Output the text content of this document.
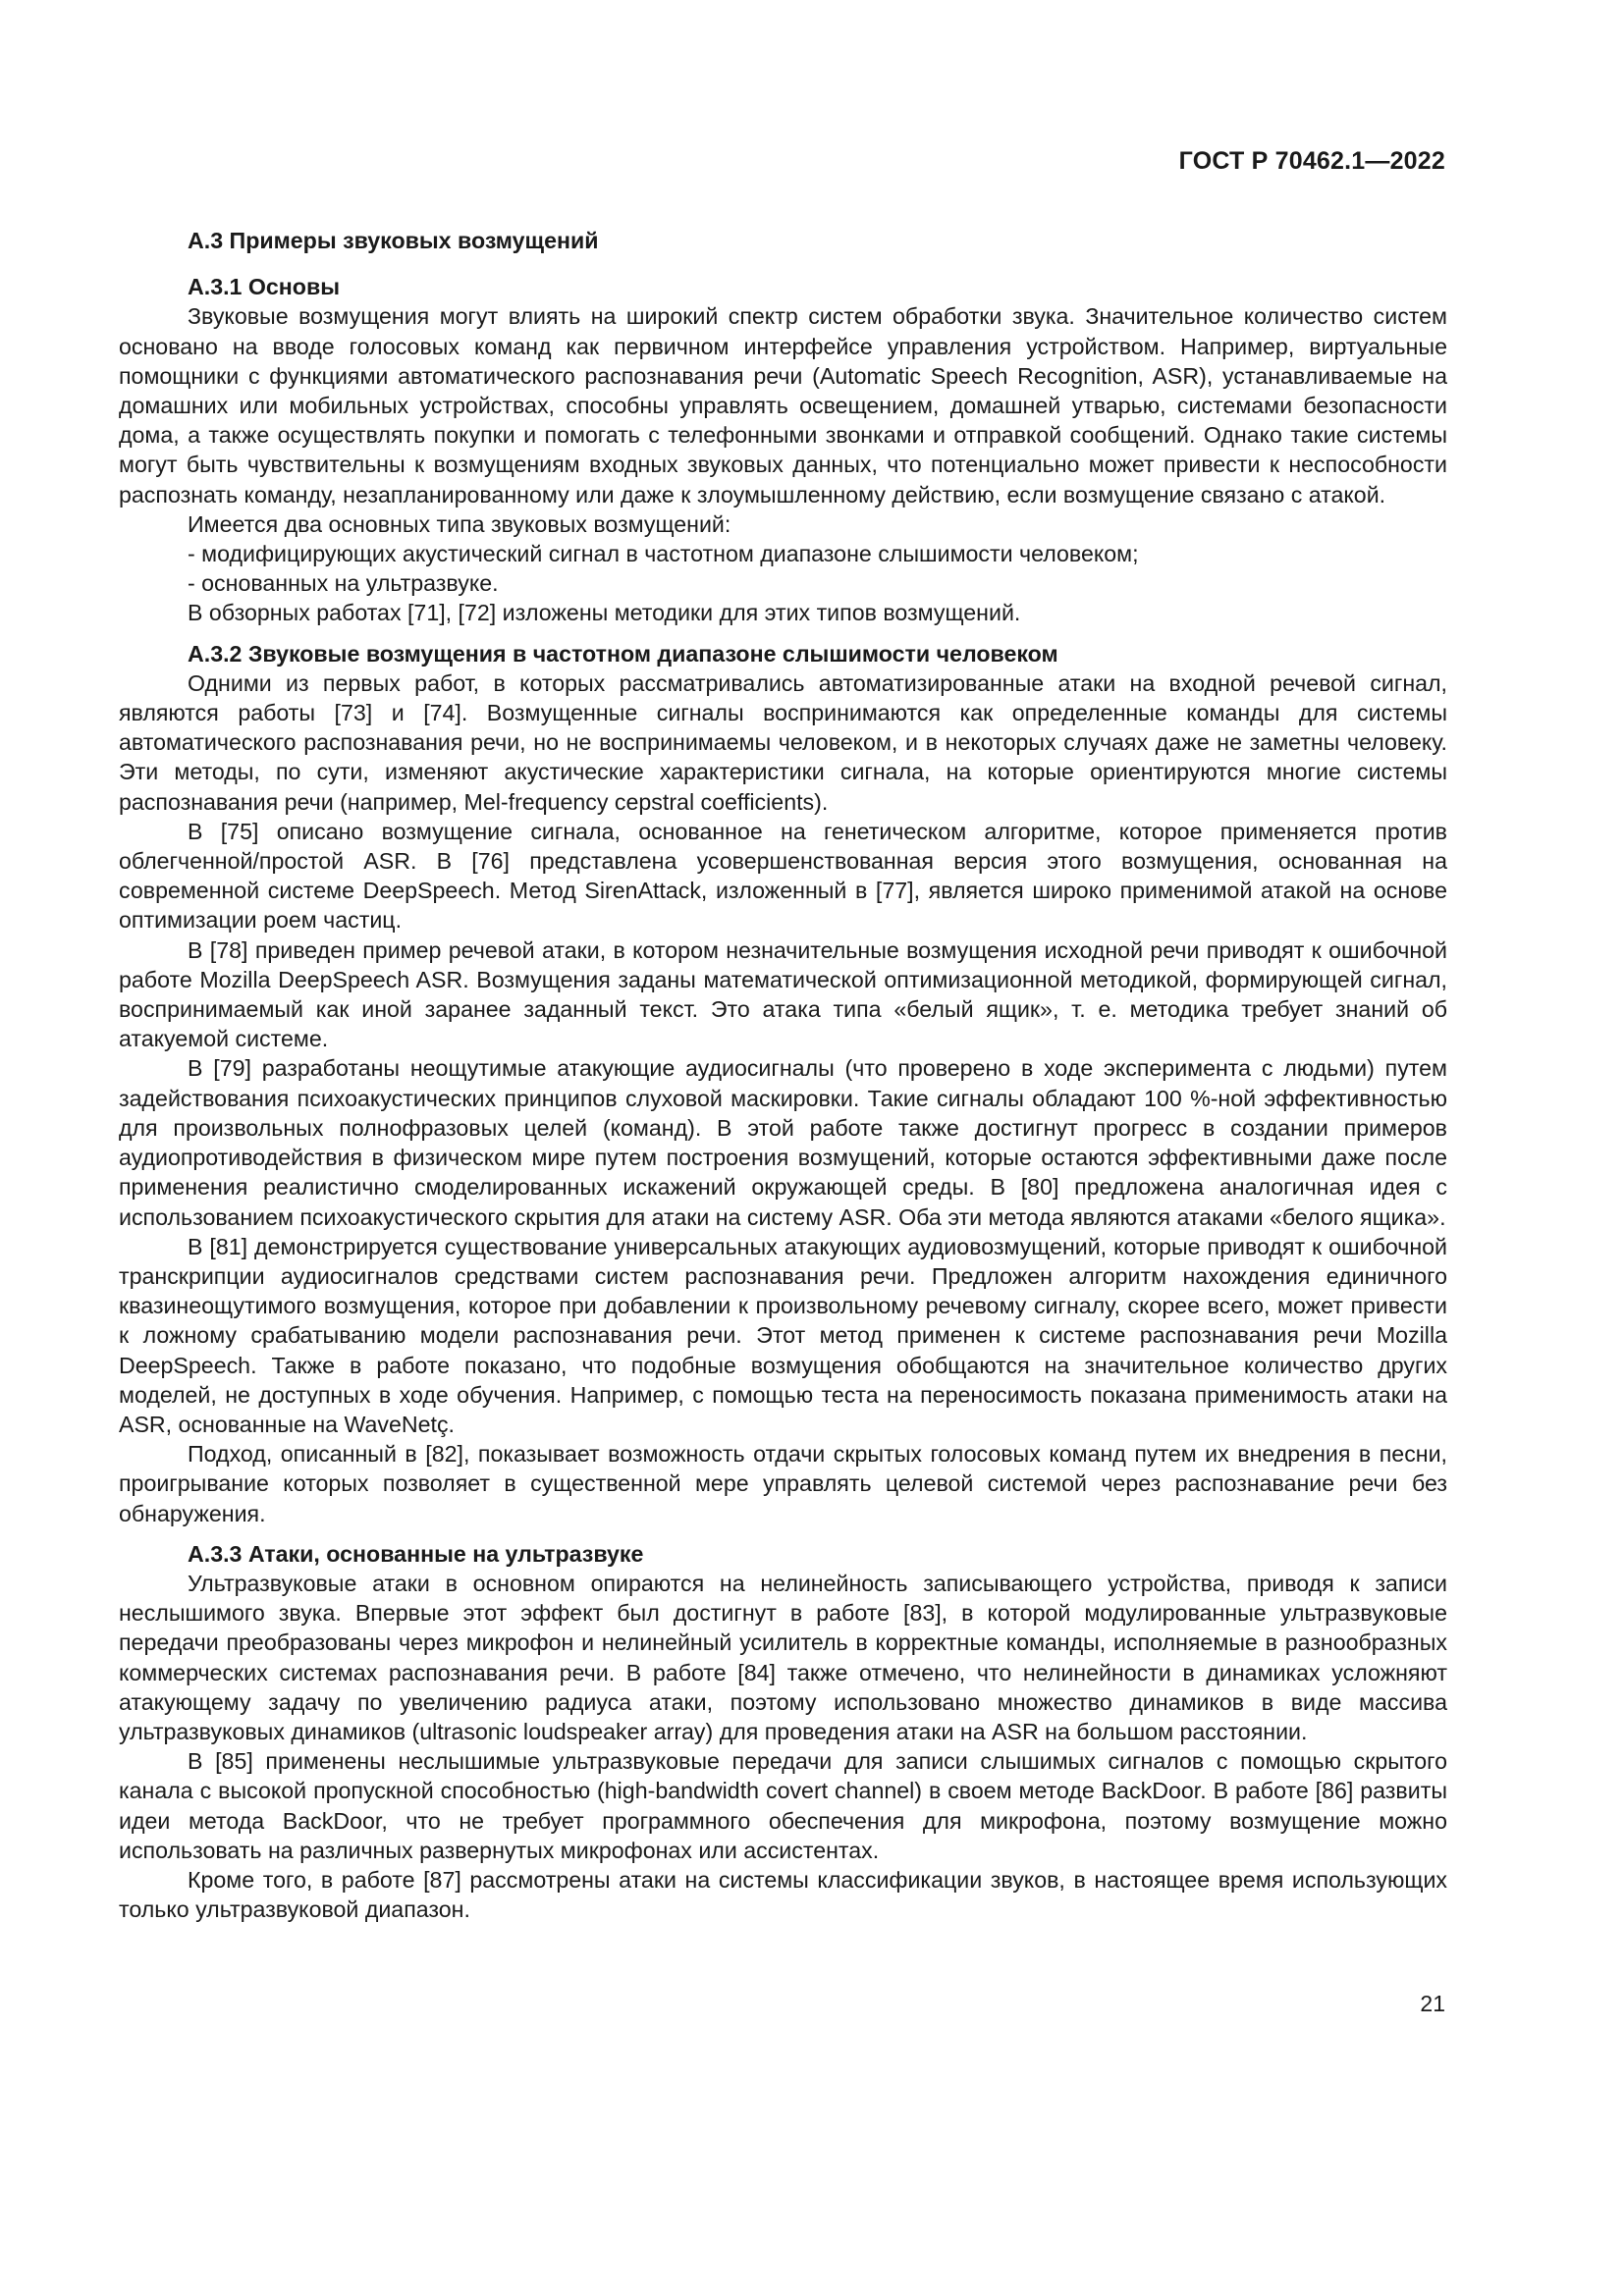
ГОСТ Р 70462.1—2022
А.3 Примеры звуковых возмущений
А.3.1 Основы

Звуковые возмущения могут влиять на широкий спектр систем обработки звука. Значительное количество систем основано на вводе голосовых команд как первичном интерфейсе управления устройством. Например, виртуальные помощники с функциями автоматического распознавания речи (Automatic Speech Recognition, ASR), устанавливаемые на домашних или мобильных устройствах, способны управлять освещением, домашней утварью, системами безопасности дома, а также осуществлять покупки и помогать с телефонными звонками и отправкой сообщений. Однако такие системы могут быть чувствительны к возмущениям входных звуковых данных, что потенциально может привести к неспособности распознать команду, незапланированному или даже к злоумышленному действию, если возмущение связано с атакой.

Имеется два основных типа звуковых возмущений:

- модифицирующих акустический сигнал в частотном диапазоне слышимости человеком;

- основанных на ультразвуке.

В обзорных работах [71], [72] изложены методики для этих типов возмущений.

А.3.2 Звуковые возмущения в частотном диапазоне слышимости человеком

Одними из первых работ, в которых рассматривались автоматизированные атаки на входной речевой сигнал, являются работы [73] и [74]. Возмущенные сигналы воспринимаются как определенные команды для системы автоматического распознавания речи, но не воспринимаемы человеком, и в некоторых случаях даже не заметны человеку. Эти методы, по сути, изменяют акустические характеристики сигнала, на которые ориентируются многие системы распознавания речи (например, Mel-frequency cepstral coefficients).

В [75] описано возмущение сигнала, основанное на генетическом алгоритме, которое применяется против облегченной/простой ASR. В [76] представлена усовершенствованная версия этого возмущения, основанная на современной системе DeepSpeech. Метод SirenAttack, изложенный в [77], является широко применимой атакой на основе оптимизации роем частиц.

В [78] приведен пример речевой атаки, в котором незначительные возмущения исходной речи приводят к ошибочной работе Mozilla DeepSpeech ASR. Возмущения заданы математической оптимизационной методикой, формирующей сигнал, воспринимаемый как иной заранее заданный текст. Это атака типа «белый ящик», т. е. методика требует знаний об атакуемой системе.

В [79] разработаны неощутимые атакующие аудиосигналы (что проверено в ходе эксперимента с людьми) путем задействования психоакустических принципов слуховой маскировки. Такие сигналы обладают 100 %-ной эффективностью для произвольных полнофразовых целей (команд). В этой работе также достигнут прогресс в создании примеров аудиопротиводействия в физическом мире путем построения возмущений, которые остаются эффективными даже после применения реалистично смоделированных искажений окружающей среды. В [80] предложена аналогичная идея с использованием психоакустического скрытия для атаки на систему ASR. Оба эти метода являются атаками «белого ящика».

В [81] демонстрируется существование универсальных атакующих аудиовозмущений, которые приводят к ошибочной транскрипции аудиосигналов средствами систем распознавания речи. Предложен алгоритм нахождения единичного квазинеощутимого возмущения, которое при добавлении к произвольному речевому сигналу, скорее всего, может привести к ложному срабатыванию модели распознавания речи. Этот метод применен к системе распознавания речи Mozilla DeepSpeech. Также в работе показано, что подобные возмущения обобщаются на значительное количество других моделей, не доступных в ходе обучения. Например, с помощью теста на переносимость показана применимость атаки на ASR, основанные на WaveNetç.

Подход, описанный в [82], показывает возможность отдачи скрытых голосовых команд путем их внедрения в песни, проигрывание которых позволяет в существенной мере управлять целевой системой через распознавание речи без обнаружения.

А.3.3 Атаки, основанные на ультразвуке

Ультразвуковые атаки в основном опираются на нелинейность записывающего устройства, приводя к записи неслышимого звука. Впервые этот эффект был достигнут в работе [83], в которой модулированные ультразвуковые передачи преобразованы через микрофон и нелинейный усилитель в корректные команды, исполняемые в разнообразных коммерческих системах распознавания речи. В работе [84] также отмечено, что нелинейности в динамиках усложняют атакующему задачу по увеличению радиуса атаки, поэтому использовано множество динамиков в виде массива ультразвуковых динамиков (ultrasonic loudspeaker array) для проведения атаки на ASR на большом расстоянии.

В [85] применены неслышимые ультразвуковые передачи для записи слышимых сигналов с помощью скрытого канала с высокой пропускной способностью (high-bandwidth covert channel) в своем методе BackDoor. В работе [86] развиты идеи метода BackDoor, что не требует программного обеспечения для микрофона, поэтому возмущение можно использовать на различных развернутых микрофонах или ассистентах.

Кроме того, в работе [87] рассмотрены атаки на системы классификации звуков, в настоящее время использующих только ультразвуковой диапазон.

21
